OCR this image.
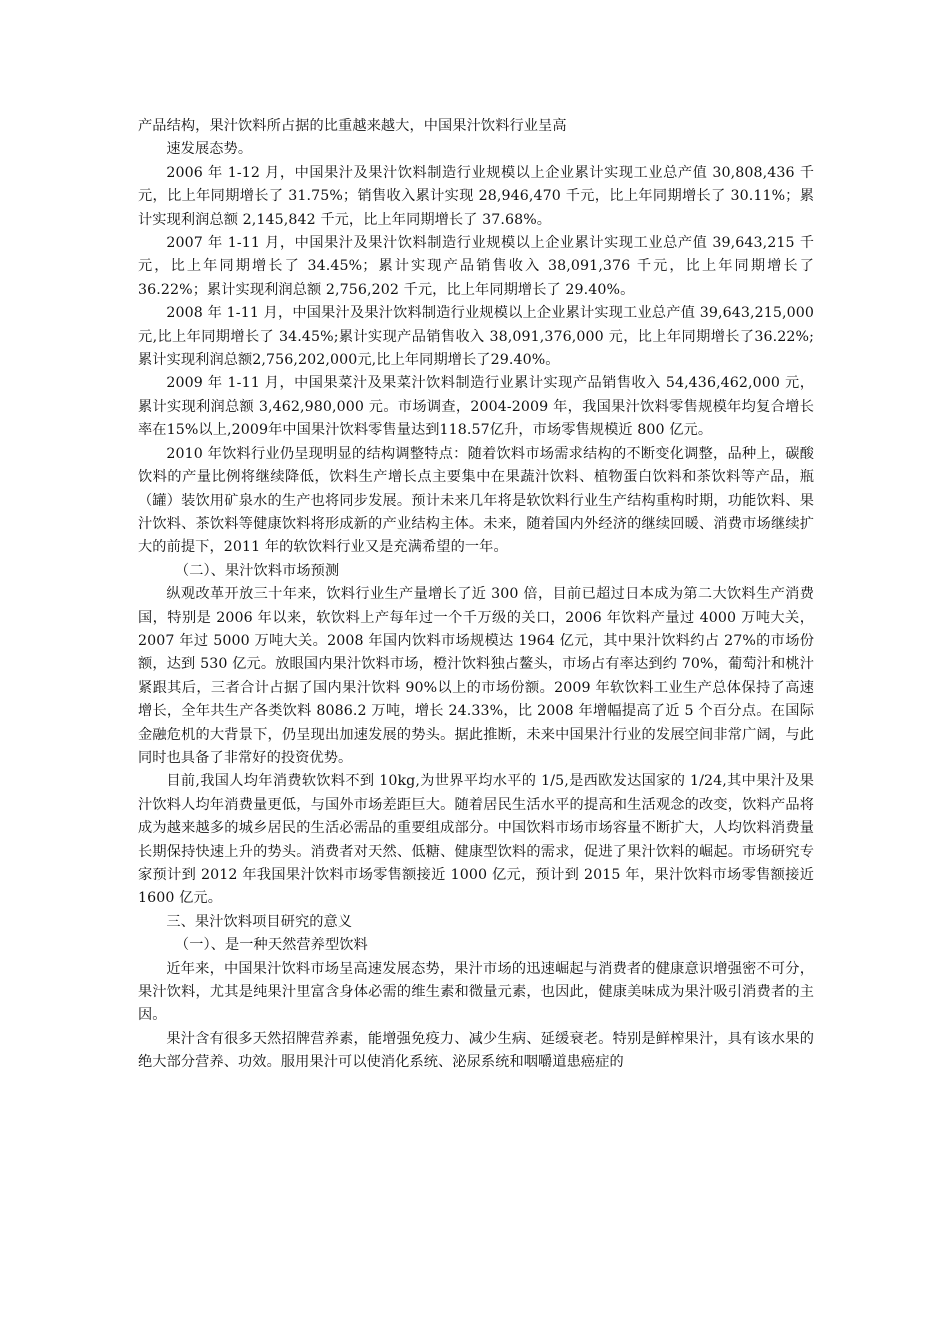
产品结构，果汁饮料所占据的比重越来越大，中国果汁饮料行业呈高

速发展态势。

2006 年 1-12 月，中国果汁及果汁饮料制造行业规模以上企业累计实现工业总产值 30,808,436 千元，比上年同期增长了 31.75%；销售收入累计实现 28,946,470 千元，比上年同期增长了 30.11%；累计实现利润总额 2,145,842 千元，比上年同期增长了 37.68%。

2007 年 1-11 月，中国果汁及果汁饮料制造行业规模以上企业累计实现工业总产值 39,643,215 千元，比上年同期增长了 34.45%；累计实现产品销售收入 38,091,376 千元，比上年同期增长了 36.22%；累计实现利润总额 2,756,202 千元，比上年同期增长了 29.40%。

2008 年 1-11 月，中国果汁及果汁饮料制造行业规模以上企业累计实现工业总产值 39,643,215,000 元,比上年同期增长了 34.45%;累计实现产品销售收入 38,091,376,000 元，比上年同期增长了36.22%;累计实现利润总额2,756,202,000元,比上年同期增长了29.40%。

2009 年 1-11 月，中国果菜汁及果菜汁饮料制造行业累计实现产品销售收入 54,436,462,000 元，累计实现利润总额 3,462,980,000 元。市场调查，2004-2009 年，我国果汁饮料零售规模年均复合增长率在15%以上,2009年中国果汁饮料零售量达到118.57亿升，市场零售规模近 800 亿元。

2010 年饮料行业仍呈现明显的结构调整特点：随着饮料市场需求结构的不断变化调整，品种上，碳酸饮料的产量比例将继续降低，饮料生产增长点主要集中在果蔬汁饮料、植物蛋白饮料和茶饮料等产品，瓶（罐）装饮用矿泉水的生产也将同步发展。预计未来几年将是软饮料行业生产结构重构时期，功能饮料、果汁饮料、茶饮料等健康饮料将形成新的产业结构主体。未来，随着国内外经济的继续回暖、消费市场继续扩大的前提下，2011 年的软饮料行业又是充满希望的一年。

（二）、果汁饮料市场预测

纵观改革开放三十年来，饮料行业生产量增长了近 300 倍，目前已超过日本成为第二大饮料生产消费国，特别是 2006 年以来，软饮料上产每年过一个千万级的关口，2006 年饮料产量过 4000 万吨大关，2007 年过 5000 万吨大关。2008 年国内饮料市场规模达 1964 亿元，其中果汁饮料约占 27%的市场份额，达到 530 亿元。放眼国内果汁饮料市场，橙汁饮料独占鳌头，市场占有率达到约 70%，葡萄汁和桃汁紧跟其后，三者合计占据了国内果汁饮料 90%以上的市场份额。2009 年软饮料工业生产总体保持了高速增长，全年共生产各类饮料 8086.2 万吨，增长 24.33%，比 2008 年增幅提高了近 5 个百分点。在国际金融危机的大背景下，仍呈现出加速发展的势头。据此推断，未来中国果汁行业的发展空间非常广阔，与此同时也具备了非常好的投资优势。

目前,我国人均年消费软饮料不到 10kg,为世界平均水平的 1/5,是西欧发达国家的 1/24,其中果汁及果汁饮料人均年消费量更低，与国外市场差距巨大。随着居民生活水平的提高和生活观念的改变，饮料产品将成为越来越多的城乡居民的生活必需品的重要组成部分。中国饮料市场市场容量不断扩大，人均饮料消费量长期保持快速上升的势头。消费者对天然、低糖、健康型饮料的需求，促进了果汁饮料的崛起。市场研究专家预计到 2012 年我国果汁饮料市场零售额接近 1000 亿元，预计到 2015 年，果汁饮料市场零售额接近 1600 亿元。

三、果汁饮料项目研究的意义

（一）、是一种天然营养型饮料

近年来，中国果汁饮料市场呈高速发展态势，果汁市场的迅速崛起与消费者的健康意识增强密不可分，果汁饮料，尤其是纯果汁里富含身体必需的维生素和微量元素，也因此，健康美味成为果汁吸引消费者的主因。

果汁含有很多天然招牌营养素，能增强免疫力、减少生病、延缓衰老。特别是鲜榨果汁，具有该水果的绝大部分营养、功效。服用果汁可以使消化系统、泌尿系统和咽嚼道患癌症的
